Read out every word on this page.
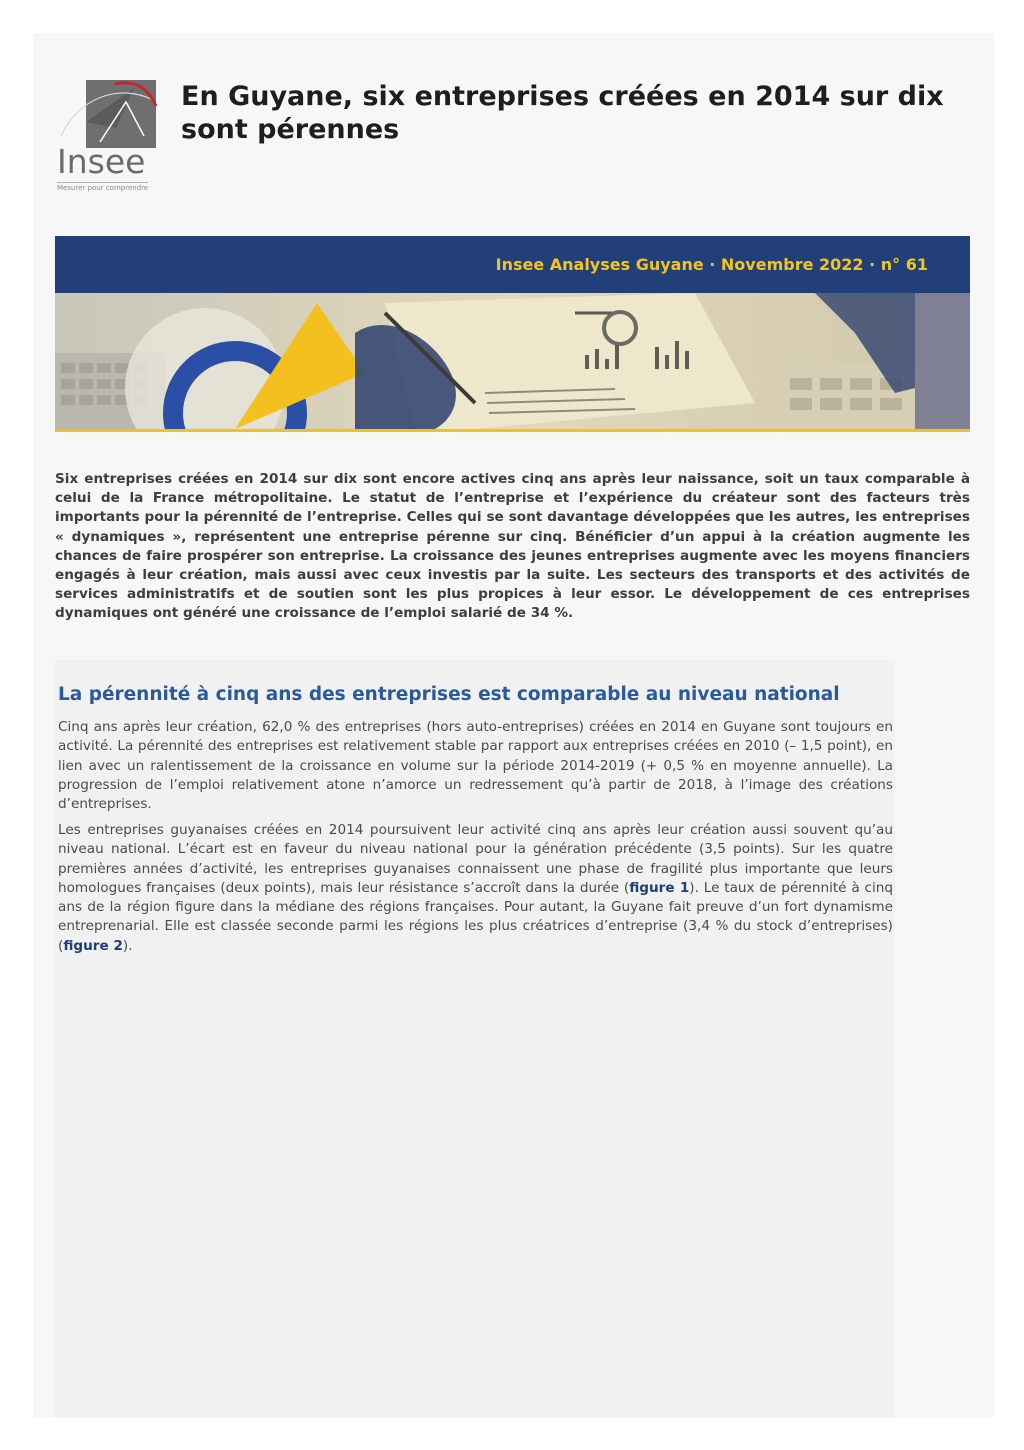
Insee
Mesurer pour comprendre
En Guyane, six entreprises créées en 2014 sur dix sont pérennes
Insee Analyses Guyane · Novembre 2022 · n° 61

Six entreprises créées en 2014 sur dix sont encore actives cinq ans après leur naissance, soit un taux comparable à celui de la France métropolitaine. Le statut de l’entreprise et l’expérience du créateur sont des facteurs très importants pour la pérennité de l’entreprise. Celles qui se sont davantage développées que les autres, les entreprises « dynamiques », représentent une entreprise pérenne sur cinq. Bénéficier d’un appui à la création augmente les chances de faire prospérer son entreprise. La croissance des jeunes entreprises augmente avec les moyens financiers engagés à leur création, mais aussi avec ceux investis par la suite. Les secteurs des transports et des activités de services administratifs et de soutien sont les plus propices à leur essor. Le développement de ces entreprises dynamiques ont généré une croissance de l’emploi salarié de 34 %.

La pérennité à cinq ans des entreprises est comparable au niveau national

Cinq ans après leur création, 62,0 % des entreprises (hors auto-entreprises) créées en 2014 en Guyane sont toujours en activité. La pérennité des entreprises est relativement stable par rapport aux entreprises créées en 2010 (– 1,5 point), en lien avec un ralentissement de la croissance en volume sur la période 2014-2019 (+ 0,5 % en moyenne annuelle). La progression de l’emploi relativement atone n’amorce un redressement qu’à partir de 2018, à l’image des créations d’entreprises.

Les entreprises guyanaises créées en 2014 poursuivent leur activité cinq ans après leur création aussi souvent qu’au niveau national. L’écart est en faveur du niveau national pour la génération précédente (3,5 points). Sur les quatre premières années d’activité, les entreprises guyanaises connaissent une phase de fragilité plus importante que leurs homologues françaises (deux points), mais leur résistance s’accroît dans la durée (figure 1). Le taux de pérennité à cinq ans de la région figure dans la médiane des régions françaises. Pour autant, la Guyane fait preuve d’un fort dynamisme entreprenarial. Elle est classée seconde parmi les régions les plus créatrices d’entreprise (3,4 % du stock d’entreprises) (figure 2).
